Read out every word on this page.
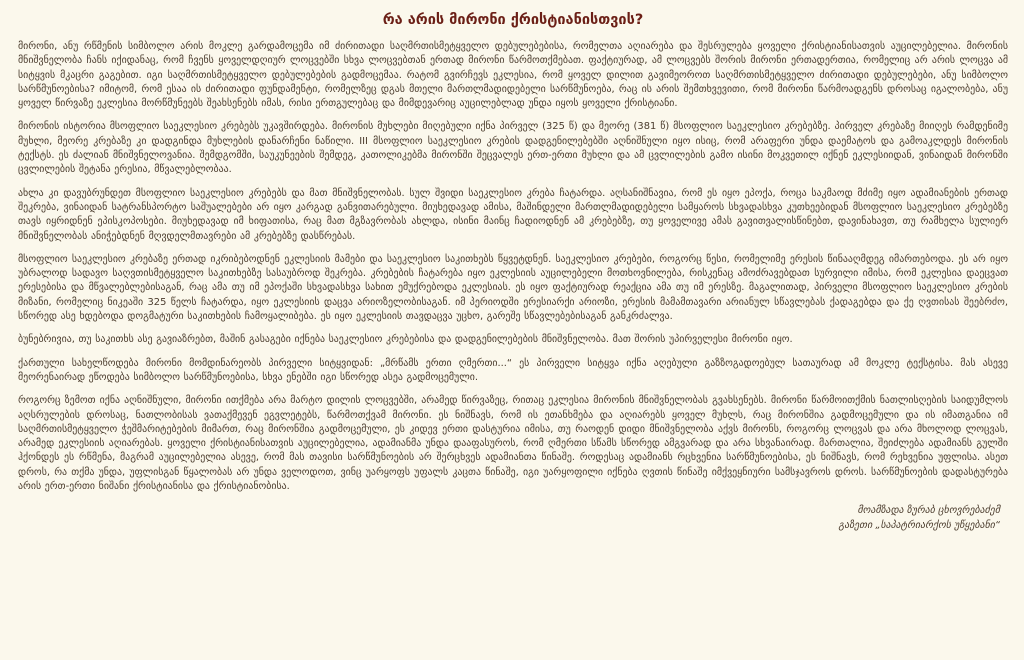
რა არის მირონი ქრისტიანისთვის?

მირონი, ანუ რწმენის სიმბოლო არის მოკლე გარდამოცემა იმ ძირითადი საღმრთისმეტყველო დებულებებისა, რომელთა აღიარება და შესრულება ყოველი ქრისტიანისათვის აუცილებელია. მირონის მნიშვნელობა ჩანს იქიდანაც, რომ ჩვენს ყოველდღიურ ლოცვებში სხვა ლოცვებთან ერთად მირონი წარმოთქმებათ. ფაქტიურად, ამ ლოცვებს შორის მირონი ერთადერთია, რომელიც არ არის ლოცვა ამ სიტყვის მკაცრი გაგებით. იგი საღმრთისმეტყველო დებულებების გადმოცემაა. რატომ გვირჩევს ეკლესია, რომ ყოველ დილით გავიმეოროთ საღმრთისმეტყველო ძირითადი დებულებები, ანუ სიმბოლო სარწმუნოებისა? იმიტომ, რომ ესაა ის ძირითადი ფუნდამენტი, რომელზეც დგას მთელი მართლმადიდებელი სარწმუნოება, რაც ის არის შემთხვევითი, რომ მირონი წარმოადგენს დროსაც იგალობება, ანუ ყოველ წირვაზე ეკლესია მორწმუნეებს შეახსენებს იმას, რისი ერთგულებაც და მიმდევარიც აუცილებლად უნდა იყოს ყოველი ქრისტიანი.

მირონის ისტორია მსოფლიო საეკლესიო კრებებს უკავშირდება. მირონის მუხლები მიღებული იქნა პირველ (325 წ) და მეორე (381 წ) მსოფლიო საეკლესიო კრებებზე. პირველ კრებაზე მიიღეს რამდენიმე მუხლი, მეორე კრებაზე კი დადგინდა მუხლების დანარჩენი ნაწილი. III მსოფლიო საეკლესიო კრების დადგენილებებში აღნიშნული იყო ისიც, რომ არაფერი უნდა დაემატოს და გამოაკლდეს მირონის ტექსტს. ეს ძალიან მნიშვნელოვანია. შემდგომში, საუკუნეების შემდეგ, კათოლიკებმა მირონში შეცვალეს ერთ-ერთი მუხლი და ამ ცვლილების გამო ისინი მოკვეთილ იქნენ ეკლესიიდან, ვინაიდან მირონში ცვლილების შეტანა ერესია, მწვალებლობაა.

ახლა კი დავუბრუნდეთ მსოფლიო საეკლესიო კრებებს და მათ მნიშვნელობას. სულ შვიდი საეკლესიო კრება ჩატარდა. აღსანიშნავია, რომ ეს იყო ეპოქა, როცა საკმაოდ მძიმე იყო ადამიანების ერთად შეკრება, ვინაიდან სატრანსპორტო საშუალებები არ იყო კარგად განვითარებული. მიუხედავად ამისა, მაშინდელი მართლმადიდებელი სამყაროს სხვადასხვა კუთხეებიდან მსოფლიო საეკლესიო კრებებზე თავს იყრიდნენ ეპისკოპოსები. მიუხედავად იმ ხიფათისა, რაც მათ მგზავრობას ახლდა, ისინი მაინც ჩადიოდნენ ამ კრებებზე, თუ ყოველივე ამას გავითვალისწინებთ, დავინახავთ, თუ რამხელა სულიერ მნიშვნელობას ანიჭებდნენ მღვდელმთავრები ამ კრებებზე დასწრებას.

მსოფლიო საეკლესიო კრებაზე ერთად იკრიბებოდნენ ეკლესიის მამები და საეკლესიო საკითხებს წყვეტდნენ. საეკლესიო კრებები, როგორც წესი, რომელიმე ერესის წინააღმდეგ იმართებოდა. ეს არ იყო უბრალოდ სადავო საღვთისმეტყველო საკითხებზე სასაუბროდ შეკრება. კრებების ჩატარება იყო ეკლესიის აუცილებელი მოთხოვნილება, რისკენაც ამოძრავებდათ სურვილი იმისა, რომ ეკლესია დაეცვათ ერესებისა და მწვალებლებისაგან, რაც ამა თუ იმ ეპოქაში სხვადასხვა სახით ემუქრებოდა ეკლესიას. ეს იყო ფაქტიურად რეაქცია ამა თუ იმ ერესზე. მაგალითად, პირველი მსოფლიო საეკლესიო კრების მიზანი, რომელიც ნიკეაში 325 წელს ჩატარდა, იყო ეკლესიის დაცვა არიოზელობისაგან. იმ პერიოდში ერესიარქი არიოზი, ერესის მამამთავარი არიანულ სწავლებას ქადაგებდა და ქე ღვთისას შეებრძო, სწორედ ასე ხდებოდა დოგმატური საკითხების ჩამოყალიბება. ეს იყო ეკლესიის თავდაცვა უცხო, გარეშე სწავლებებისაგან განკრძალვა.

ბუნებრივია, თუ საკითხს ასე გავიაზრებთ, მაშინ გასაგები იქნება საეკლესიო კრებებისა და დადგენილებების მნიშვნელობა. მათ შორის უპირველესი მირონი იყო.

ქართული სახელწოდება მირონი მომდინარეობს პირველი სიტყვიდან: „მრწამს ერთი ღმერთი...“ ეს პირველი სიტყვა იქნა აღებული გაზზოგადოებულ სათაურად ამ მოკლე ტექსტისა. მას ასევე მეორენაირად ეწოდება სიმბოლო სარწმუნოებისა, სხვა ენებში იგი სწორედ ასეა გადმოცემული.

როგორც ზემოთ იქნა აღნიშნული, მირონი ითქმება არა მარტო დილის ლოცვებში, არამედ წირვაზეც, რითაც ეკლესია მირონის მნიშვნელობას გვახსენებს. მირონი წარმოითქმის ნათლისღების საიდუმლოს აღსრულების დროსაც, ნათლობისას ვათაქმევენ ეგვლეტებს, წარმოთქვამ მირონი. ეს ნიშნავს, რომ ის ეთანხმება და აღიარებს ყოველ მუხლს, რაც მირონშია გადმოცემული და ის იმათგანია იმ საღმრთისმეტყველო ჭეშმარიტებების მიმართ, რაც მირონშია გადმოცემული, ეს კიდევ ერთი დასტურია იმისა, თუ რაოდენ დიდი მნიშვნელობა აქვს მირონს, როგორც ლოცვას და არა მხოლოდ ლოცვას, არამედ ეკლესიის აღიარებას. ყოველი ქრისტიანისათვის აუცილებელია, ადამიანმა უნდა დააფასუროს, რომ ღმერთი სწამს სწორედ ამგვარად და არა სხვანაირად. მართალია, შეიძლება ადამიანს გულში ჰქონდეს ეს რწმენა, მაგრამ აუცილებელია ასევე, რომ მას თავისი სარწმუნოების არ შერცხვეს ადამიანთა წინაშე. როდესაც ადამიანს რცხვენია სარწმუნოებისა, ეს ნიშნავს, რომ რეხვენია უფლისა. ასეთ დროს, რა თქმა უნდა, უფლისგან წყალობას არ უნდა ველოდოთ, ვინც უარყოფს უფალს კაცთა წინაშე, იგი უარყოფილი იქნება ღვთის წინაშე იმქვეყნიური სამსჯავროს დროს. სარწმუნოების დადასტურება არის ერთ-ერთი ნიშანი ქრისტიანისა და ქრისტიანობისა.

მოამზადა ზურაბ ცხოვრებაძემ
გაზეთი „საპატრიარქოს უწყებანი“
